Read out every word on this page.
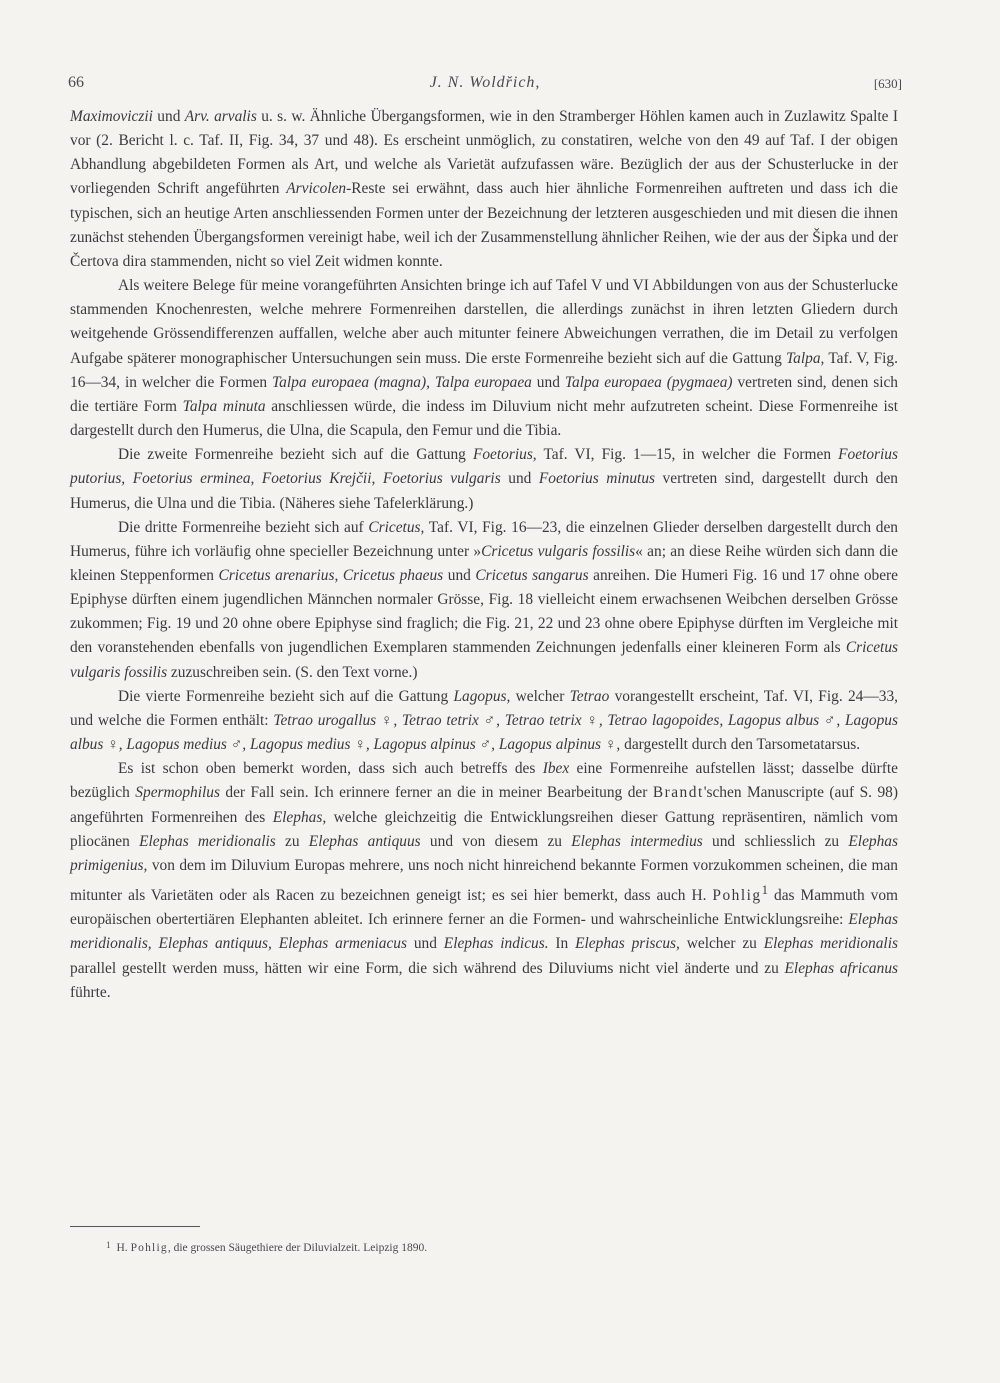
66	J. N. Woldřich,	[630]

Maximoviczii und Arv. arvalis u. s. w. Ähnliche Übergangsformen, wie in den Stramberger Höhlen kamen auch in Zuzlawitz Spalte I vor (2. Bericht l. c. Taf. II, Fig. 34, 37 und 48). Es erscheint unmöglich, zu constatiren, welche von den 49 auf Taf. I der obigen Abhandlung abgebildeten Formen als Art, und welche als Varietät aufzufassen wäre. Bezüglich der aus der Schusterlucke in der vorliegenden Schrift angeführten Arvicolen-Reste sei erwähnt, dass auch hier ähnliche Formenreihen auftreten und dass ich die typischen, sich an heutige Arten anschliessenden Formen unter der Bezeichnung der letzteren ausgeschieden und mit diesen die ihnen zunächst stehenden Übergangsformen vereinigt habe, weil ich der Zusammenstellung ähnlicher Reihen, wie der aus der Šipka und der Čertova dira stammenden, nicht so viel Zeit widmen konnte.

Als weitere Belege für meine vorangeführten Ansichten bringe ich auf Tafel V und VI Abbildungen von aus der Schusterlucke stammenden Knochenresten, welche mehrere Formenreihen darstellen, die allerdings zunächst in ihren letzten Gliedern durch weitgehende Grössendifferenzen auffallen, welche aber auch mitunter feinere Abweichungen verrathen, die im Detail zu verfolgen Aufgabe späterer monographischer Untersuchungen sein muss. Die erste Formenreihe bezieht sich auf die Gattung Talpa, Taf. V, Fig. 16—34, in welcher die Formen Talpa europaea (magna), Talpa europaea und Talpa europaea (pygmaea) vertreten sind, denen sich die tertiäre Form Talpa minuta anschliessen würde, die indess im Diluvium nicht mehr aufzutreten scheint. Diese Formenreihe ist dargestellt durch den Humerus, die Ulna, die Scapula, den Femur und die Tibia.

Die zweite Formenreihe bezieht sich auf die Gattung Foetorius, Taf. VI, Fig. 1—15, in welcher die Formen Foetorius putorius, Foetorius erminea, Foetorius Krejčii, Foetorius vulgaris und Foetorius minutus vertreten sind, dargestellt durch den Humerus, die Ulna und die Tibia. (Näheres siehe Tafelerklärung.)

Die dritte Formenreihe bezieht sich auf Cricetus, Taf. VI, Fig. 16—23, die einzelnen Glieder derselben dargestellt durch den Humerus, führe ich vorläufig ohne specieller Bezeichnung unter »Cricetus vulgaris fossilis« an; an diese Reihe würden sich dann die kleinen Steppenformen Cricetus arenarius, Cricetus phaeus und Cricetus sangarus anreihen. Die Humeri Fig. 16 und 17 ohne obere Epiphyse dürften einem jugendlichen Männchen normaler Grösse, Fig. 18 vielleicht einem erwachsenen Weibchen derselben Grösse zukommen; Fig. 19 und 20 ohne obere Epiphyse sind fraglich; die Fig. 21, 22 und 23 ohne obere Epiphyse dürften im Vergleiche mit den voranstehenden ebenfalls von jugendlichen Exemplaren stammenden Zeichnungen jedenfalls einer kleineren Form als Cricetus vulgaris fossilis zuzuschreiben sein. (S. den Text vorne.)

Die vierte Formenreihe bezieht sich auf die Gattung Lagopus, welcher Tetrao vorangestellt erscheint, Taf. VI, Fig. 24—33, und welche die Formen enthält: Tetrao urogallus ♀, Tetrao tetrix ♂, Tetrao tetrix ♀, Tetrao lagopoides, Lagopus albus ♂, Lagopus albus ♀, Lagopus medius ♂, Lagopus medius ♀, Lagopus alpinus ♂, Lagopus alpinus ♀, dargestellt durch den Tarsometatarsus.

Es ist schon oben bemerkt worden, dass sich auch betreffs des Ibex eine Formenreihe aufstellen lässt; dasselbe dürfte bezüglich Spermophilus der Fall sein. Ich erinnere ferner an die in meiner Bearbeitung der Brandt'schen Manuscripte (auf S. 98) angeführten Formenreihen des Elephas, welche gleichzeitig die Entwicklungsreihen dieser Gattung repräsentiren, nämlich vom pliocänen Elephas meridionalis zu Elephas antiquus und von diesem zu Elephas intermedius und schliesslich zu Elephas primigenius, von dem im Diluvium Europas mehrere, uns noch nicht hinreichend bekannte Formen vorzukommen scheinen, die man mitunter als Varietäten oder als Racen zu bezeichnen geneigt ist; es sei hier bemerkt, dass auch H. Pohlig$^1$ das Mammuth vom europäischen obertertiären Elephanten ableitet. Ich erinnere ferner an die Formen- und wahrscheinliche Entwicklungsreihe: Elephas meridionalis, Elephas antiquus, Elephas armeniacus und Elephas indicus. In Elephas priscus, welcher zu Elephas meridionalis parallel gestellt werden muss, hätten wir eine Form, die sich während des Diluviums nicht viel änderte und zu Elephas africanus führte.

$^1$ H. Pohlig, die grossen Säugethiere der Diluvialzeit. Leipzig 1890.
